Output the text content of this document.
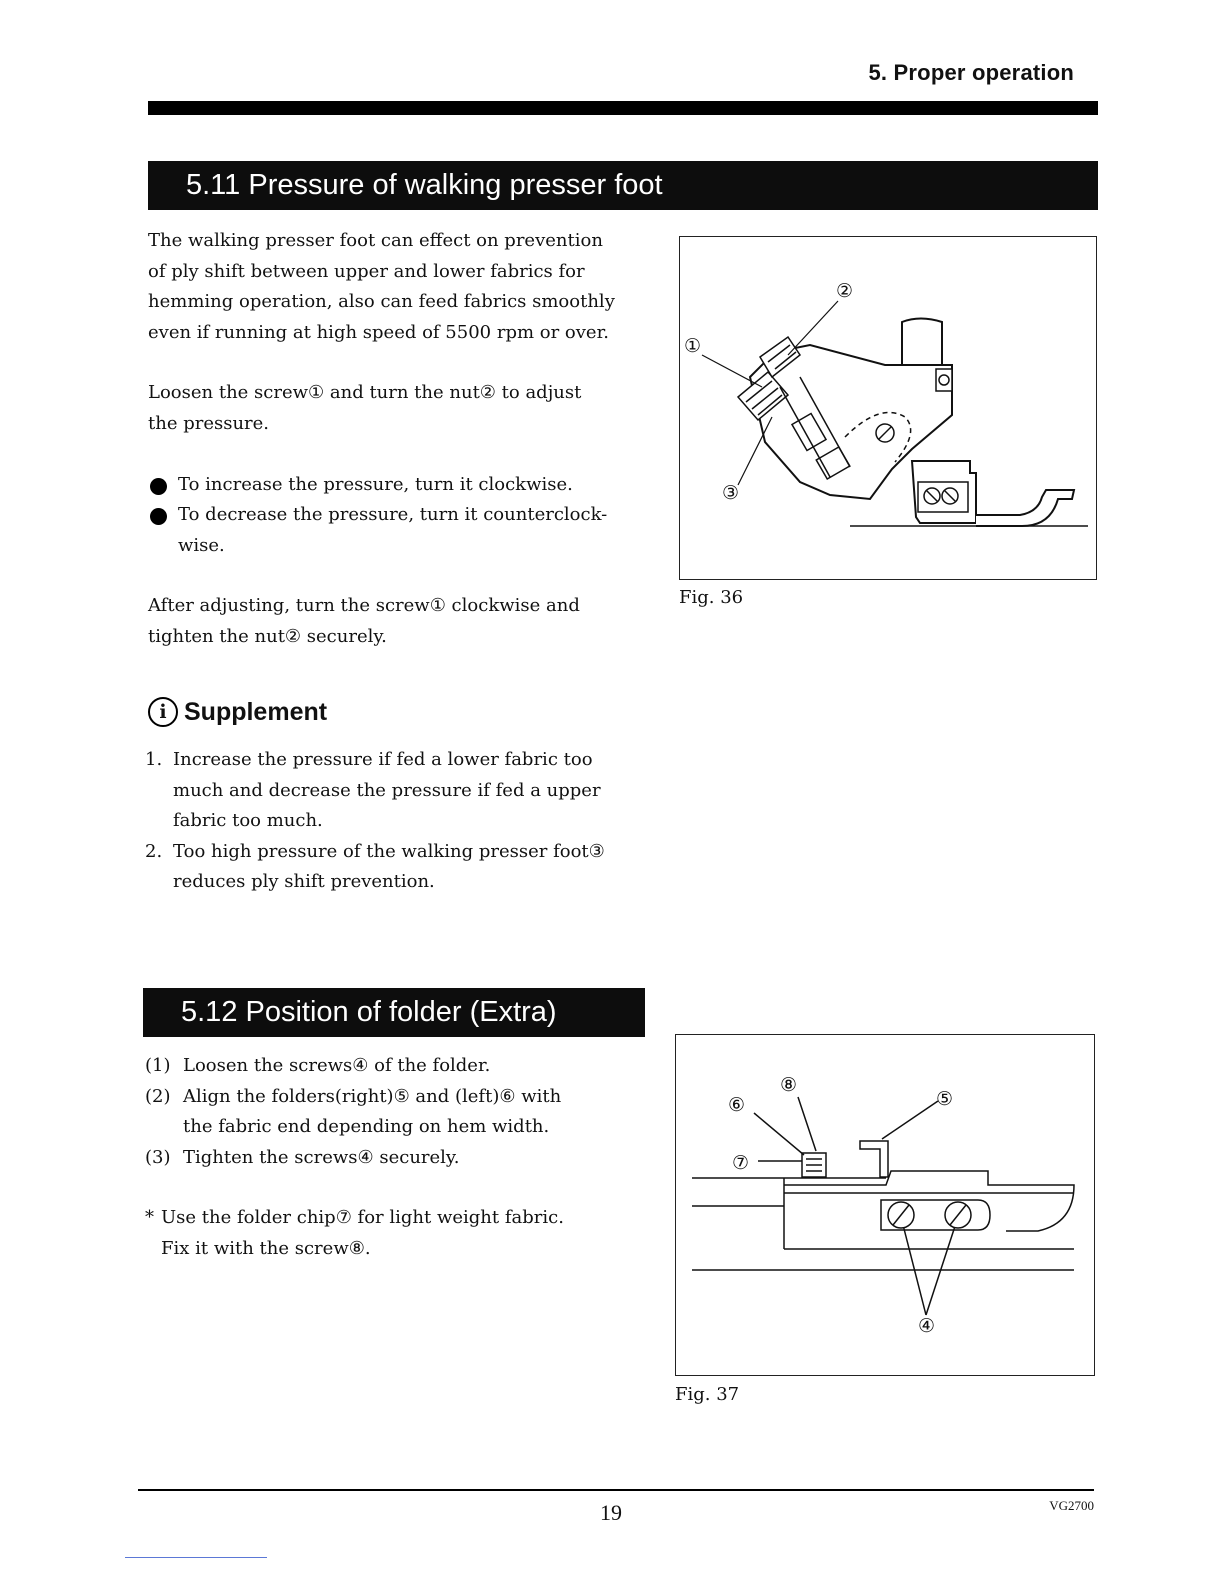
5. Proper operation
5.11 Pressure of walking presser foot

The walking presser foot can effect on prevention

of ply shift between upper and lower fabrics for

hemming operation, also can feed fabrics smoothly

even if running at high speed of 5500 rpm or over.

Loosen the screw① and turn the nut② to adjust

the pressure.

To increase the pressure, turn it clockwise.

To decrease the pressure, turn it counterclock-

wise.

After adjusting, turn the screw① clockwise and

tighten the nut② securely.

i Supplement
1. Increase the pressure if fed a lower fabric too

much and decrease the pressure if fed a upper

fabric too much.

2. Too high pressure of the walking presser foot③

reduces ply shift prevention.

①
②
③
Fig. 36
5.12 Position of folder (Extra)
(1) Loosen the screws④ of the folder.

(2) Align the folders(right)⑤ and (left)⑥ with

the fabric end depending on hem width.

(3) Tighten the screws④ securely.

* Use the folder chip⑦ for light weight fabric.

Fix it with the screw⑧.

④
⑤
⑥
⑦
⑧
Fig. 37
19	VG2700
